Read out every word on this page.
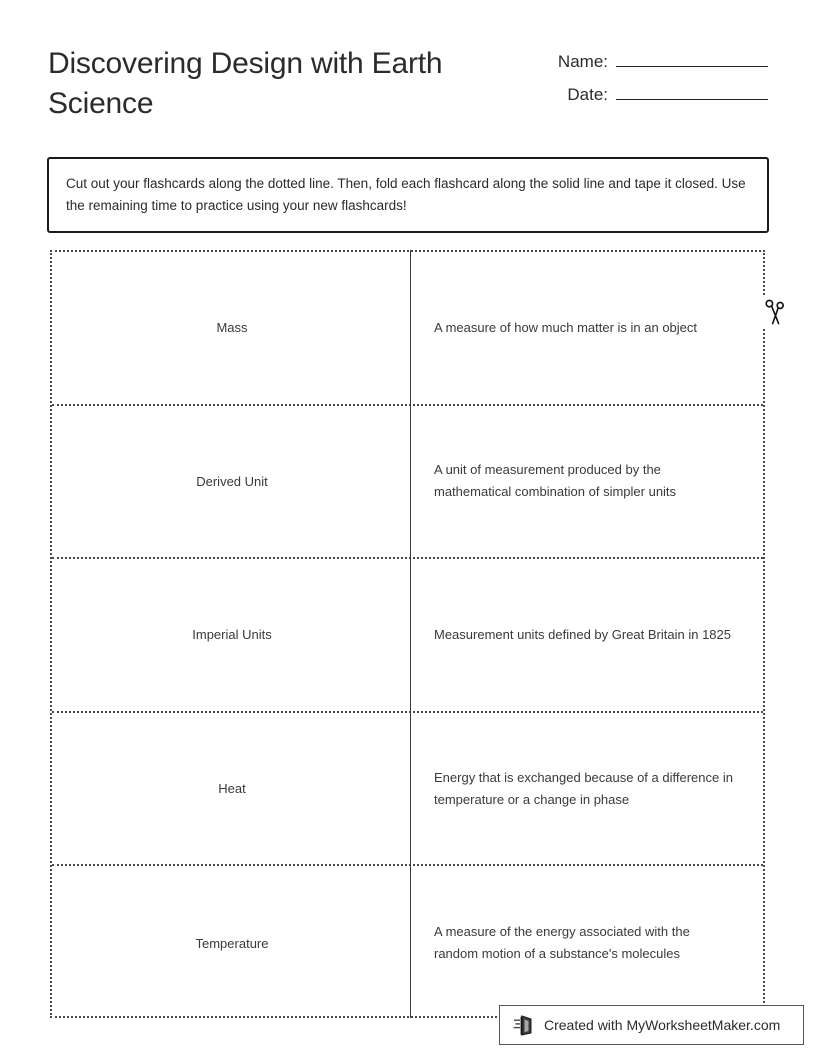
Discovering Design with Earth Science
Name:
Date:
Cut out your flashcards along the dotted line. Then, fold each flashcard along the solid line and tape it closed. Use the remaining time to practice using your new flashcards!
Mass	A measure of how much matter is in an object
Derived Unit
A unit of measurement produced by the mathematical combination of simpler units
Imperial Units	Measurement units defined by Great Britain in 1825
Heat
Energy that is exchanged because of a difference in temperature or a change in phase
Temperature
A measure of the energy associated with the random motion of a substance's molecules
Created with MyWorksheetMaker.com
